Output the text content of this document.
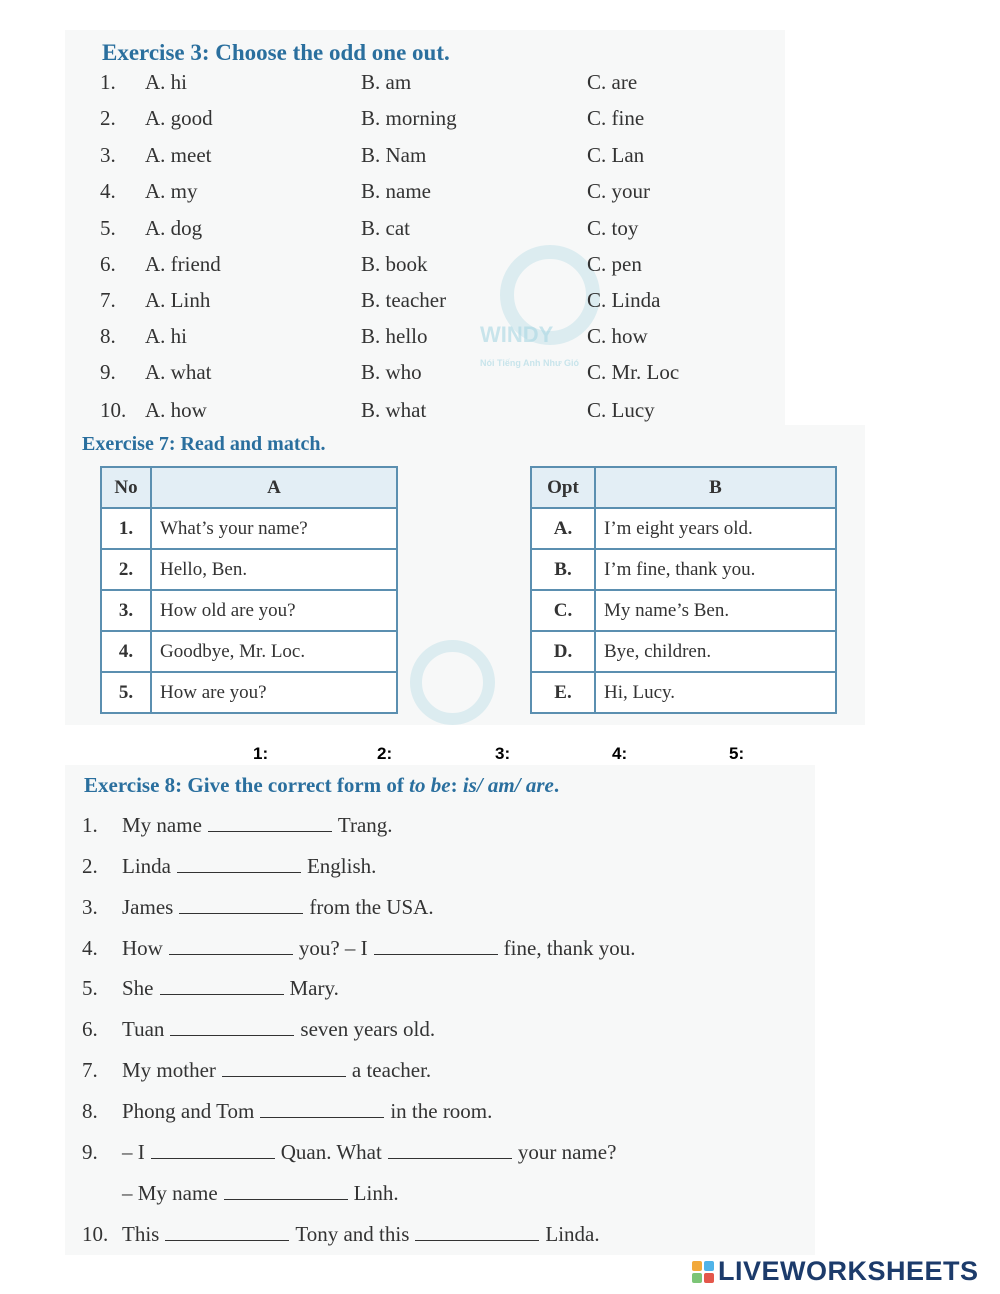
WINDY
Nói Tiếng Anh Như Gió
Exercise 3: Choose the odd one out.
1. A. hi	B. am	C. are
2. A. good	B. morning	C. fine
3. A. meet	B. Nam	C. Lan
4. A. my	B. name	C. your
5. A. dog	B. cat	C. toy
6. A. friend	B. book	C. pen
7. A. Linh	B. teacher	C. Linda
8. A. hi	B. hello	C. how
9. A. what	B. who	C. Mr. Loc
10. A. how	B. what	C. Lucy
Exercise 7: Read and match.
No	A
1.	What’s your name?
2.	Hello, Ben.
3.	How old are you?
4.	Goodbye, Mr. Loc.
5.	How are you?
Opt	B
A.	I’m eight years old.
B.	I’m fine, thank you.
C.	My name’s Ben.
D.	Bye, children.
E.	Hi, Lucy.
1:	2:	3:	4:	5:
Exercise 8: Give the correct form of to be: is/ am/ are.
1. My name	Trang.
2. Linda	English.
3. James	from the USA.
4. How	you? – I	fine, thank you.
5. She	Mary.
6. Tuan	seven years old.
7. My mother	a teacher.
8. Phong and Tom	in the room.
9. – I	Quan. What	your name?
– My name	Linh.
10. This	Tony and this	Linda.
LIVEWORKSHEETS
